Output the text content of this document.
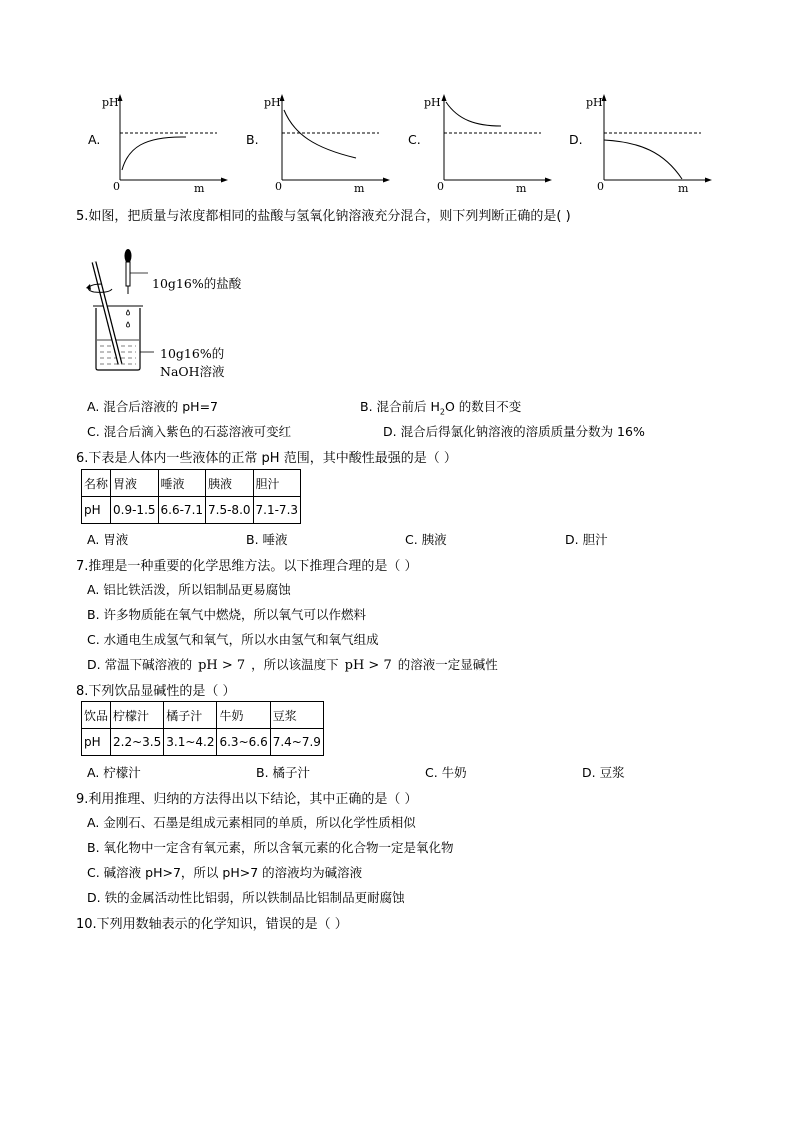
A.
pH
0	m
B.
pH
0	m
C.
pH
0	m
D.
pH
0	m
5.如图，把质量与浓度都相同的盐酸与氢氧化钠溶液充分混合，则下列判断正确的是( )
10g16%的盐酸
10g16%的
NaOH溶液
A. 混合后溶液的 pH=7	B. 混合前后 $H_2O$ 的数目不变
C. 混合后滴入紫色的石蕊溶液可变红	D. 混合后得氯化钠溶液的溶质质量分数为 16%
6.下表是人体内一些液体的正常 pH 范围，其中酸性最强的是（ ）
名称	胃液	唾液	胰液	胆汁
pH	0.9-1.5	6.6-7.1	7.5-8.0	7.1-7.3
A. 胃液	B. 唾液	C. 胰液	D. 胆汁
7.推理是一种重要的化学思维方法。以下推理合理的是（ ）
A. 铝比铁活泼，所以铝制品更易腐蚀
B. 许多物质能在氧气中燃烧，所以氧气可以作燃料
C. 水通电生成氢气和氧气，所以水由氢气和氧气组成
D. 常温下碱溶液的 pH > 7 ，所以该温度下 pH > 7 的溶液一定显碱性
8.下列饮品显碱性的是（ ）
饮品	柠檬汁	橘子汁	牛奶	豆浆
pH	2.2~3.5	3.1~4.2	6.3~6.6	7.4~7.9
A. 柠檬汁	B. 橘子汁	C. 牛奶	D. 豆浆
9.利用推理、归纳的方法得出以下结论，其中正确的是（ ）
A. 金刚石、石墨是组成元素相同的单质，所以化学性质相似
B. 氧化物中一定含有氧元素，所以含氧元素的化合物一定是氧化物
C. 碱溶液 pH>7，所以 pH>7 的溶液均为碱溶液
D. 铁的金属活动性比铝弱，所以铁制品比铝制品更耐腐蚀
10.下列用数轴表示的化学知识，错误的是（ ）
